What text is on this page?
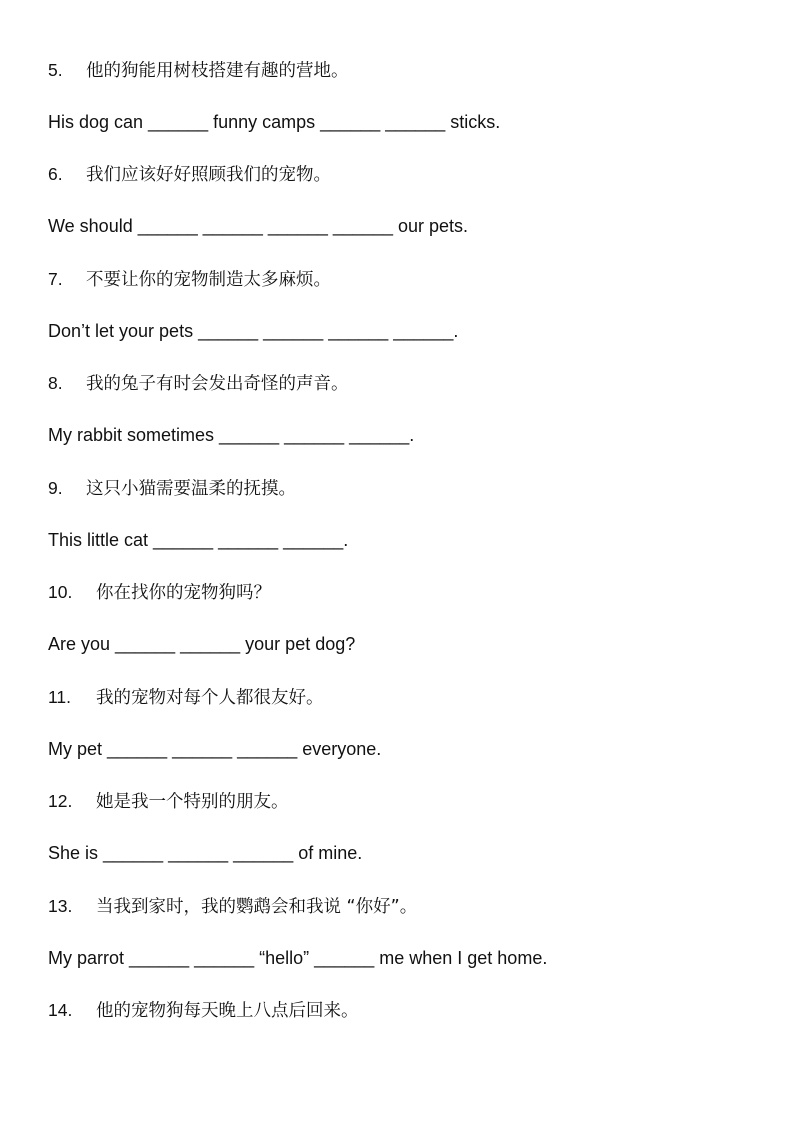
5. 他的狗能用树枝搭建有趣的营地。
His dog can ______ funny camps ______ ______ sticks.
6. 我们应该好好照顾我们的宠物。
We should ______ ______ ______ ______ our pets.
7. 不要让你的宠物制造太多麻烦。
Don’t let your pets ______ ______ ______ ______.
8. 我的兔子有时会发出奇怪的声音。
My rabbit sometimes ______ ______ ______.
9. 这只小猫需要温柔的抚摸。
This little cat ______ ______ ______.
10. 你在找你的宠物狗吗？
Are you ______ ______ your pet dog?
11. 我的宠物对每个人都很友好。
My pet ______ ______ ______ everyone.
12. 她是我一个特别的朋友。
She is ______ ______ ______ of mine.
13. 当我到家时，我的鹦鹉会和我说 “你好”。
My parrot ______ ______ “hello” ______ me when I get home.
14. 他的宠物狗每天晚上八点后回来。
